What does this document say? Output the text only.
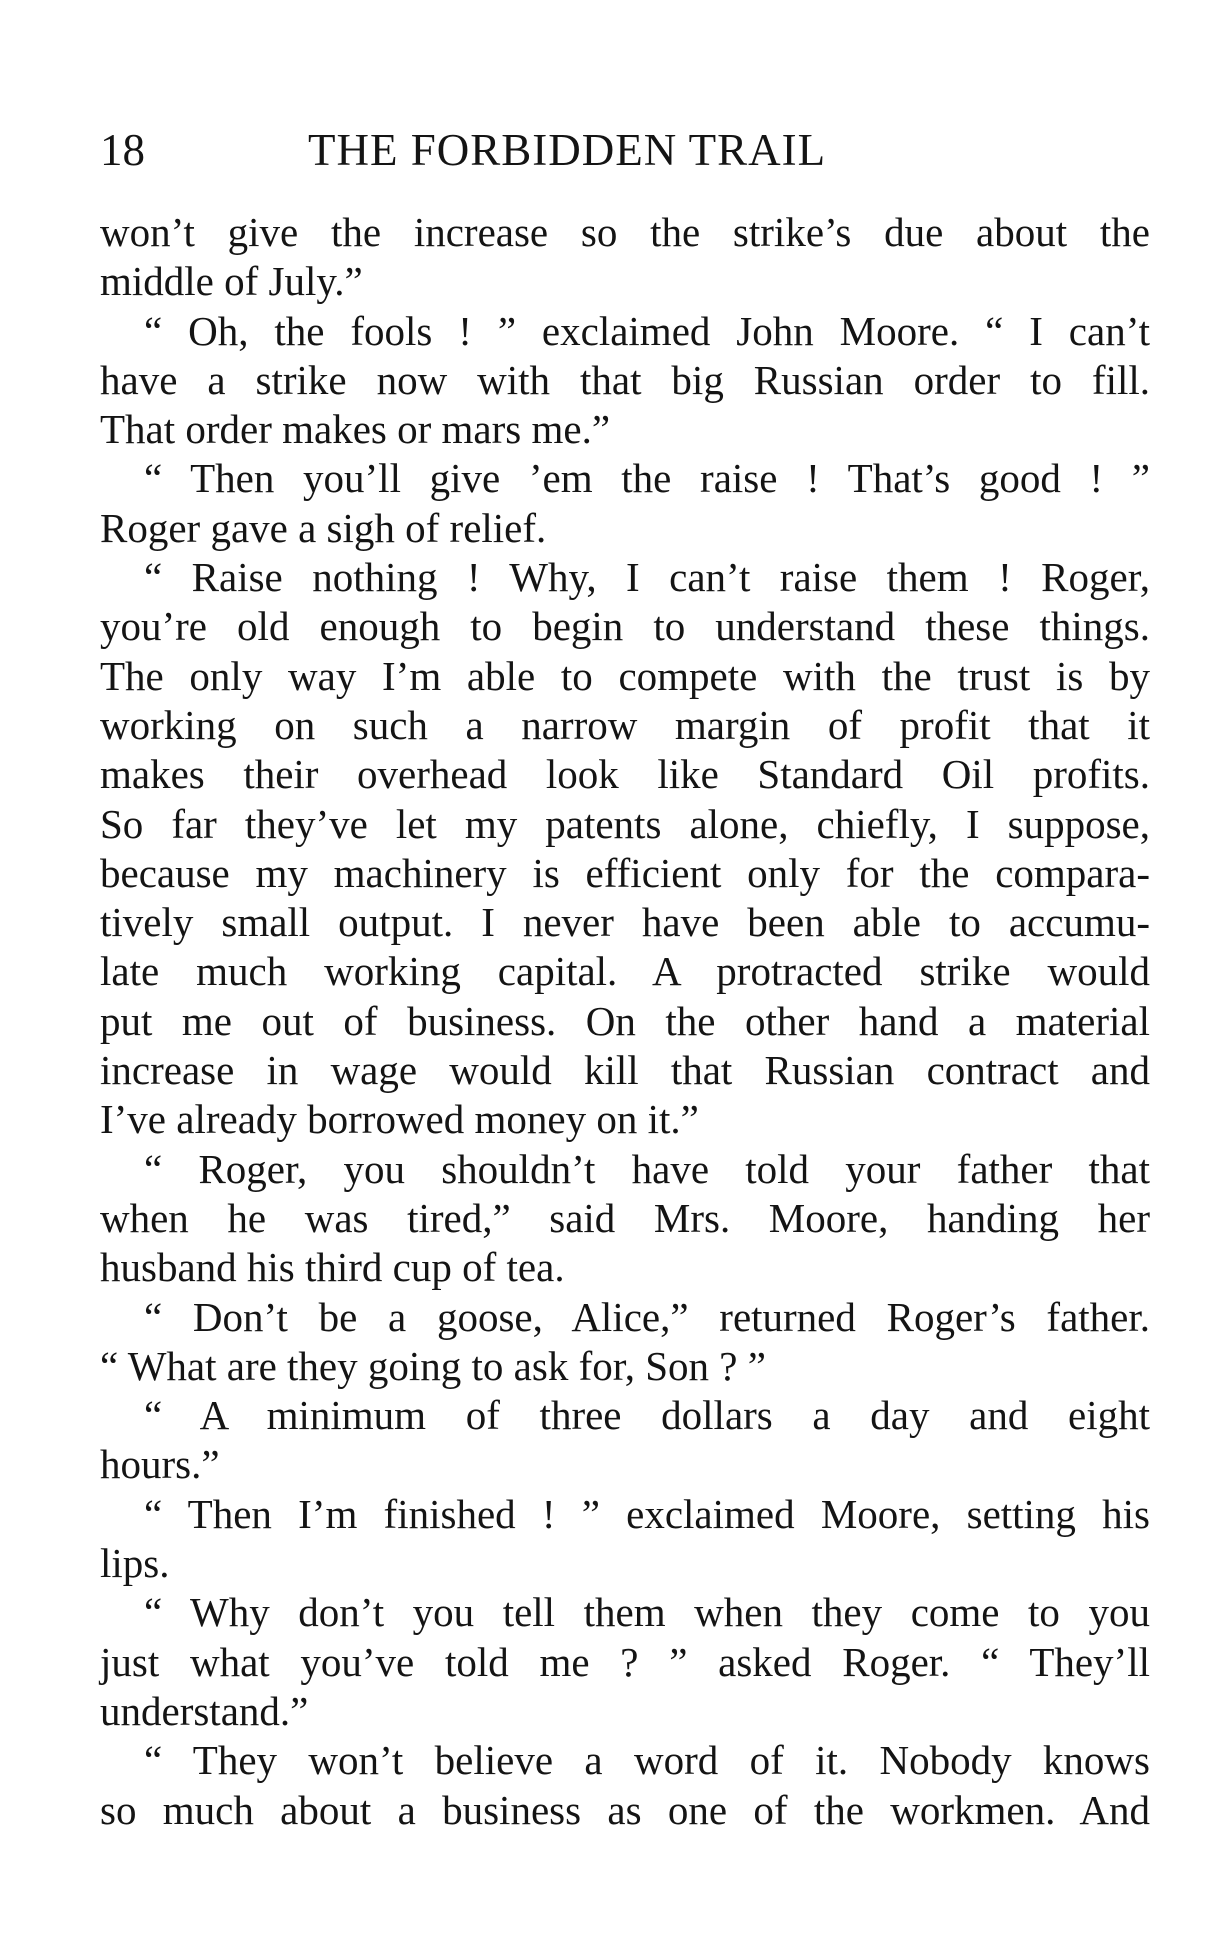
18	THE FORBIDDEN TRAIL
won’t give the increase so the strike’s due about the
middle of July.”
“ Oh, the fools ! ” exclaimed John Moore. “ I can’t
have a strike now with that big Russian order to fill.
That order makes or mars me.”
“ Then you’ll give ’em the raise ! That’s good ! ”
Roger gave a sigh of relief.
“ Raise nothing ! Why, I can’t raise them ! Roger,
you’re old enough to begin to understand these things.
The only way I’m able to compete with the trust is by
working on such a narrow margin of profit that it
makes their overhead look like Standard Oil profits.
So far they’ve let my patents alone, chiefly, I suppose,
because my machinery is efficient only for the compara-
tively small output. I never have been able to accumu-
late much working capital. A protracted strike would
put me out of business. On the other hand a material
increase in wage would kill that Russian contract and
I’ve already borrowed money on it.”
“ Roger, you shouldn’t have told your father that
when he was tired,” said Mrs. Moore, handing her
husband his third cup of tea.
“ Don’t be a goose, Alice,” returned Roger’s father.
“ What are they going to ask for, Son ? ”
“ A minimum of three dollars a day and eight
hours.”
“ Then I’m finished ! ” exclaimed Moore, setting his
lips.
“ Why don’t you tell them when they come to you
just what you’ve told me ? ” asked Roger. “ They’ll
understand.”
“ They won’t believe a word of it. Nobody knows
so much about a business as one of the workmen. And
